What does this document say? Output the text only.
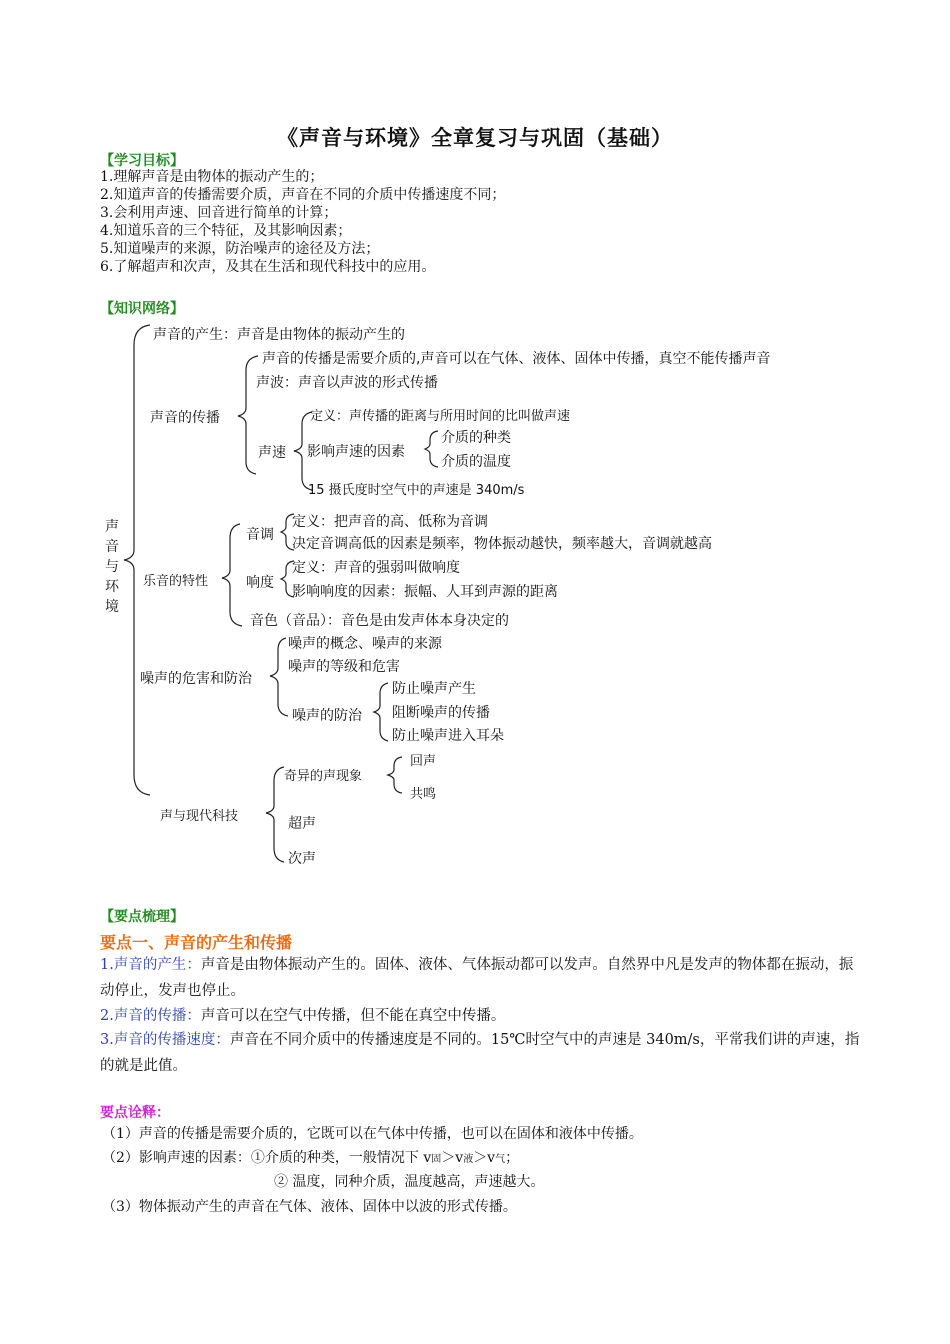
《声音与环境》全章复习与巩固（基础）
【学习目标】
1.理解声音是由物体的振动产生的；
2.知道声音的传播需要介质，声音在不同的介质中传播速度不同；
3.会利用声速、回音进行简单的计算；
4.知道乐音的三个特征，及其影响因素；
5.知道噪声的来源，防治噪声的途径及方法；
6.了解超声和次声，及其在生活和现代科技中的应用。
【知识网络】
声
音
与
环
境
声音的产生：声音是由物体的振动产生的
声音的传播
声音的传播是需要介质的,声音可以在气体、液体、固体中传播，真空不能传播声音
声波：声音以声波的形式传播
声速
定义：声传播的距离与所用时间的比叫做声速
影响声速的因素
介质的种类
介质的温度
15 摄氏度时空气中的声速是 340m/s
乐音的特性
音调
定义：把声音的高、低称为音调
决定音调高低的因素是频率，物体振动越快，频率越大，音调就越高
响度
定义：声音的强弱叫做响度
影响响度的因素：振幅、人耳到声源的距离
音色（音品）：音色是由发声体本身决定的
噪声的危害和防治
噪声的概念、噪声的来源
噪声的等级和危害
噪声的防治
防止噪声产生
阻断噪声的传播
防止噪声进入耳朵
声与现代科技
奇异的声现象
回声
共鸣
超声
次声
【要点梳理】
要点一、声音的产生和传播
1.声音的产生：声音是由物体振动产生的。固体、液体、气体振动都可以发声。自然界中凡是发声的物体都在振动，振动停止，发声也停止。
2.声音的传播：声音可以在空气中传播，但不能在真空中传播。
3.声音的传播速度：声音在不同介质中的传播速度是不同的。15℃时空气中的声速是 340m/s，平常我们讲的声速，指的就是此值。
要点诠释：
（1）声音的传播是需要介质的，它既可以在气体中传播，也可以在固体和液体中传播。
（2）影响声速的因素：①介质的种类，一般情况下 v固＞v液＞v气；
② 温度，同种介质，温度越高，声速越大。
（3）物体振动产生的声音在气体、液体、固体中以波的形式传播。
